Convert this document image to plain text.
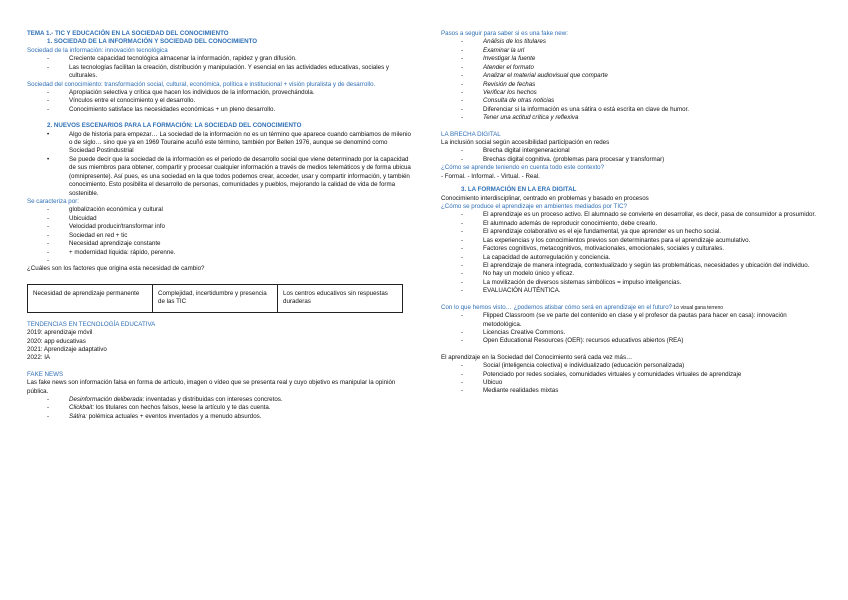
TEMA 1.- TIC Y EDUCACIÓN EN LA SOCIEDAD DEL CONOCIMIENTO
1. SOCIEDAD DE LA INFORMACIÓN Y SOCIEDAD DEL CONOCIMIENTO
Sociedad de la información: innovación tecnológica
- Creciente capacidad tecnológica almacenar la información, rapidez y gran difusión.
- Las tecnologías facilitan la creación, distribución y manipulación. Y esencial en las actividades educativas, sociales y culturales.
Sociedad del conocimiento: transformación social, cultural, económica, política e institucional + visión pluralista y de desarrollo.
- Apropiación selectiva y crítica que hacen los individuos de la información, provechándola.
- Vínculos entre el conocimiento y el desarrollo.
- Conocimiento satisface las necesidades económicas + un pleno desarrollo.
2. NUEVOS ESCENARIOS PARA LA FORMACIÓN: LA SOCIEDAD DEL CONOCIMIENTO
• Algo de historia para empezar… La sociedad de la información no es un término que aparece cuando cambiamos de milenio o de siglo… sino que ya en 1969 Touraine acuñó este término, también por Bellen 1976, aunque se denominó como Sociedad Postindustrial
• Se puede decir que la sociedad de la información es el periodo de desarrollo social que viene determinado por la capacidad de sus miembros para obtener, compartir y procesar cualquier información a través de medios telemáticos y de forma ubicua (omnipresente). Así pues, es una sociedad en la que todos podemos crear, acceder, usar y compartir información, y también conocimiento. Esto posibilita el desarrollo de personas, comunidades y pueblos, mejorando la calidad de vida de forma sostenible.
Se caracteriza por:
- globalización económica y cultural
- Ubicuidad
- Velocidad producir/transformar info
- Sociedad en red + tic
- Necesidad aprendizaje constante
- + modernidad líquida: rápido, perenne.
-
¿Cuáles son los factores que origina esta necesidad de cambio?
Necesidad de aprendizaje permanente	Complejidad, incertidumbre y presencia de las TIC	Los centros educativos sin respuestas duraderas
TENDENCIAS EN TECNOLOGÍA EDUCATIVA
2019: aprendizaje móvil
2020: app educativas
2021: Aprendizaje adaptativo
2022: IA
FAKE NEWS
Las fake news son información falsa en forma de artículo, imagen o vídeo que se presenta real y cuyo objetivo es manipular la opinión pública.
- Desinformación deliberada: inventadas y distribuidas con intereses concretos.
- Clickbait: los titulares con hechos falsos, leese la artículo y te das cuenta.
- Sátira: polémica actuales + eventos inventados y a menudo absurdos.
Pasos a seguir para saber si es una fake new:
- Análisis de los titulares
- Examinar la url
- Investigar la fuente
- Atender el formato
- Analizar el material audiovisual que comparte
- Revisión de fechas
- Verificar los hechos
- Consulta de otras noticias
- Diferenciar si la información es una sátira o está escrita en clave de humor.
- Tener una actitud crítica y reflexiva
LA BRECHA DIGITAL
La inclusión social según accesibilidad participación en redes
- Brecha digital intergeneracional
- Brechas digital cognitiva. (problemas para procesar y transformar)
¿Cómo se aprende teniendo en cuenta todo este contexto?
- Formal. - Informal. - Virtual. - Real.
3. LA FORMACIÓN EN LA ERA DIGITAL
Conocimiento interdisciplinar, centrado en problemas y basado en procesos
¿Cómo se produce el aprendizaje en ambientes mediados por TIC?
- El aprendizaje es un proceso activo. El alumnado se convierte en desarrollar, es decir, pasa de consumidor a prosumidor.
- El alumnado además de reproducir conocimiento, debe crearlo.
- El aprendizaje colaborativo es el eje fundamental, ya que aprender es un hecho social.
- Las experiencias y los conocimientos previos son determinantes para el aprendizaje acumulativo.
- Factores cognitivos, metacognitivos, motivacionales, emocionales, sociales y culturales.
- La capacidad de autorregulación y conciencia.
- El aprendizaje de manera integrada, contextualizado y según las problemáticas, necesidades y ubicación del individuo.
- No hay un modelo único y eficaz.
- La movilización de diversos sistemas simbólicos = impulso inteligencias.
- EVALUACIÓN AUTÉNTICA.
Con lo que hemos visto… ¿podemos atisbar cómo será en aprendizaje en el futuro? Lo visual gana terreno
- Flipped Classroom (se ve parte del contenido en clase y el profesor da pautas para hacer en casa): innovación metodológica.
- Licencias Creative Commons.
- Open Educational Resources (OER): recursos educativos abiertos (REA)
El aprendizaje en la Sociedad del Conocimiento será cada vez más…
- Social (inteligencia colectiva) e individualizado (educación personalizada)
- Potenciado por redes sociales, comunidades virtuales y comunidades virtuales de aprendizaje
- Ubicuo
- Mediante realidades mixtas
